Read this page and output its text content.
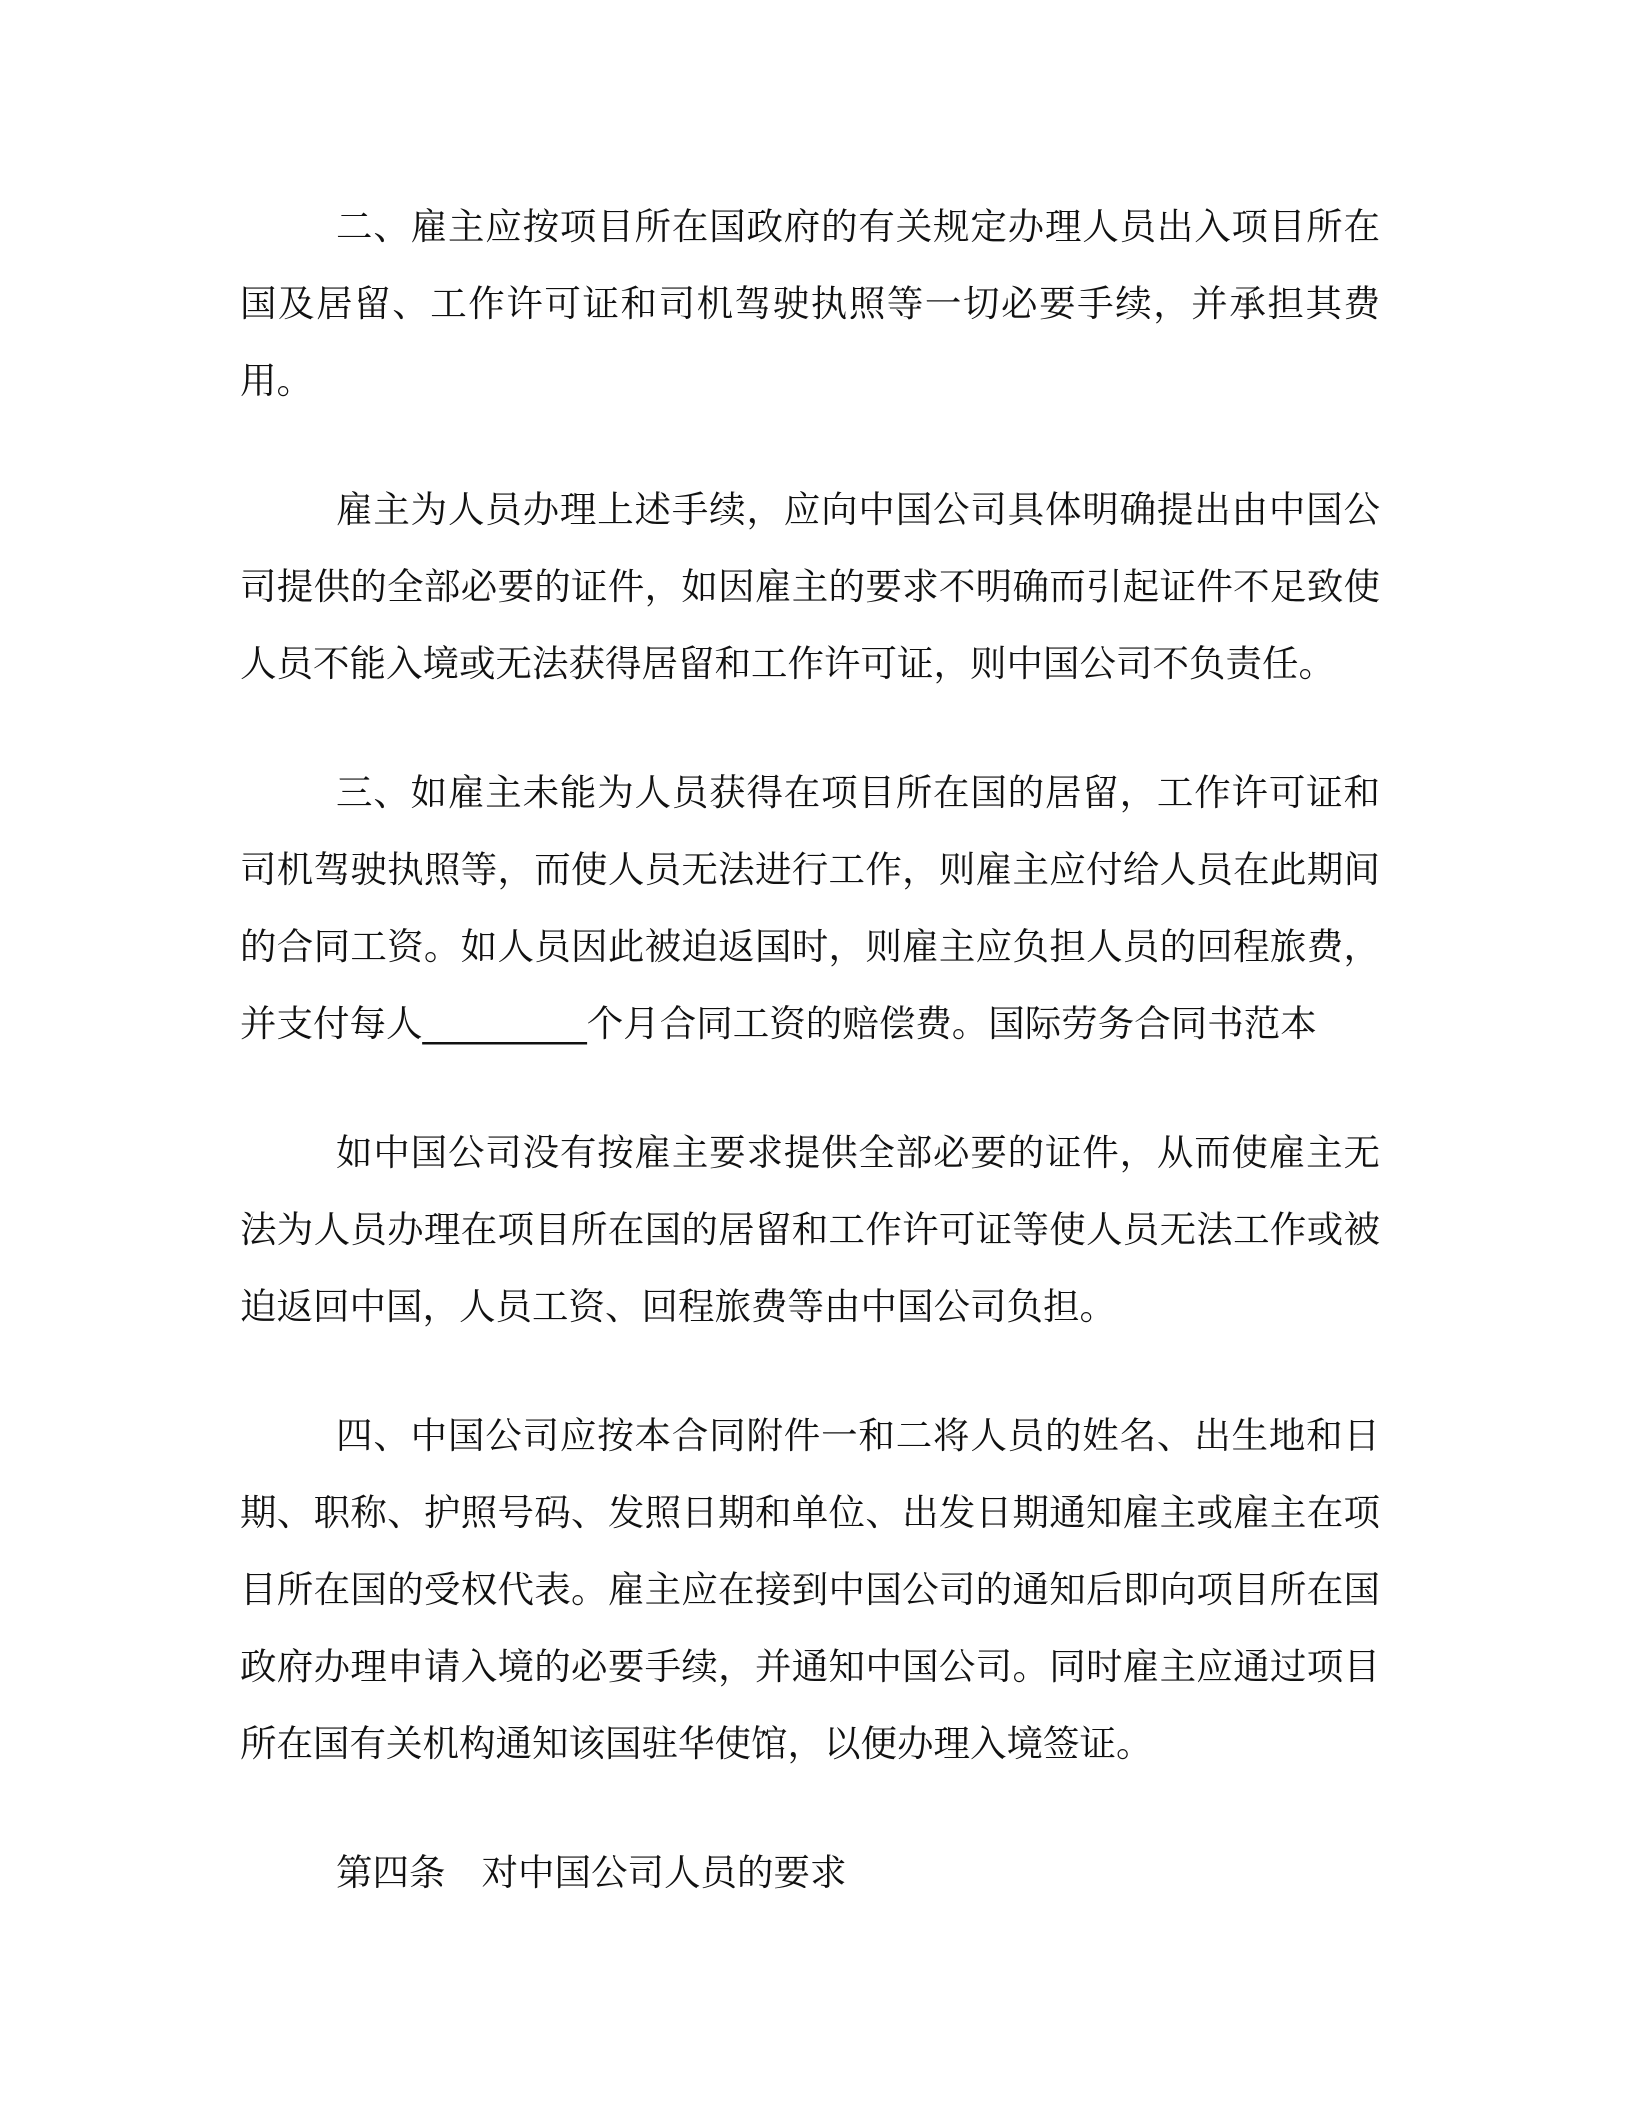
二、雇主应按项目所在国政府的有关规定办理人员出入项目所在国及居留、工作许可证和司机驾驶执照等一切必要手续，并承担其费用。

雇主为人员办理上述手续，应向中国公司具体明确提出由中国公司提供的全部必要的证件，如因雇主的要求不明确而引起证件不足致使人员不能入境或无法获得居留和工作许可证，则中国公司不负责任。

三、如雇主未能为人员获得在项目所在国的居留，工作许可证和司机驾驶执照等，而使人员无法进行工作，则雇主应付给人员在此期间的合同工资。如人员因此被迫返国时，则雇主应负担人员的回程旅费，并支付每人_________个月合同工资的赔偿费。国际劳务合同书范本

如中国公司没有按雇主要求提供全部必要的证件，从而使雇主无法为人员办理在项目所在国的居留和工作许可证等使人员无法工作或被迫返回中国，人员工资、回程旅费等由中国公司负担。

四、中国公司应按本合同附件一和二将人员的姓名、出生地和日期、职称、护照号码、发照日期和单位、出发日期通知雇主或雇主在项目所在国的受权代表。雇主应在接到中国公司的通知后即向项目所在国政府办理申请入境的必要手续，并通知中国公司。同时雇主应通过项目所在国有关机构通知该国驻华使馆，以便办理入境签证。

第四条 对中国公司人员的要求
